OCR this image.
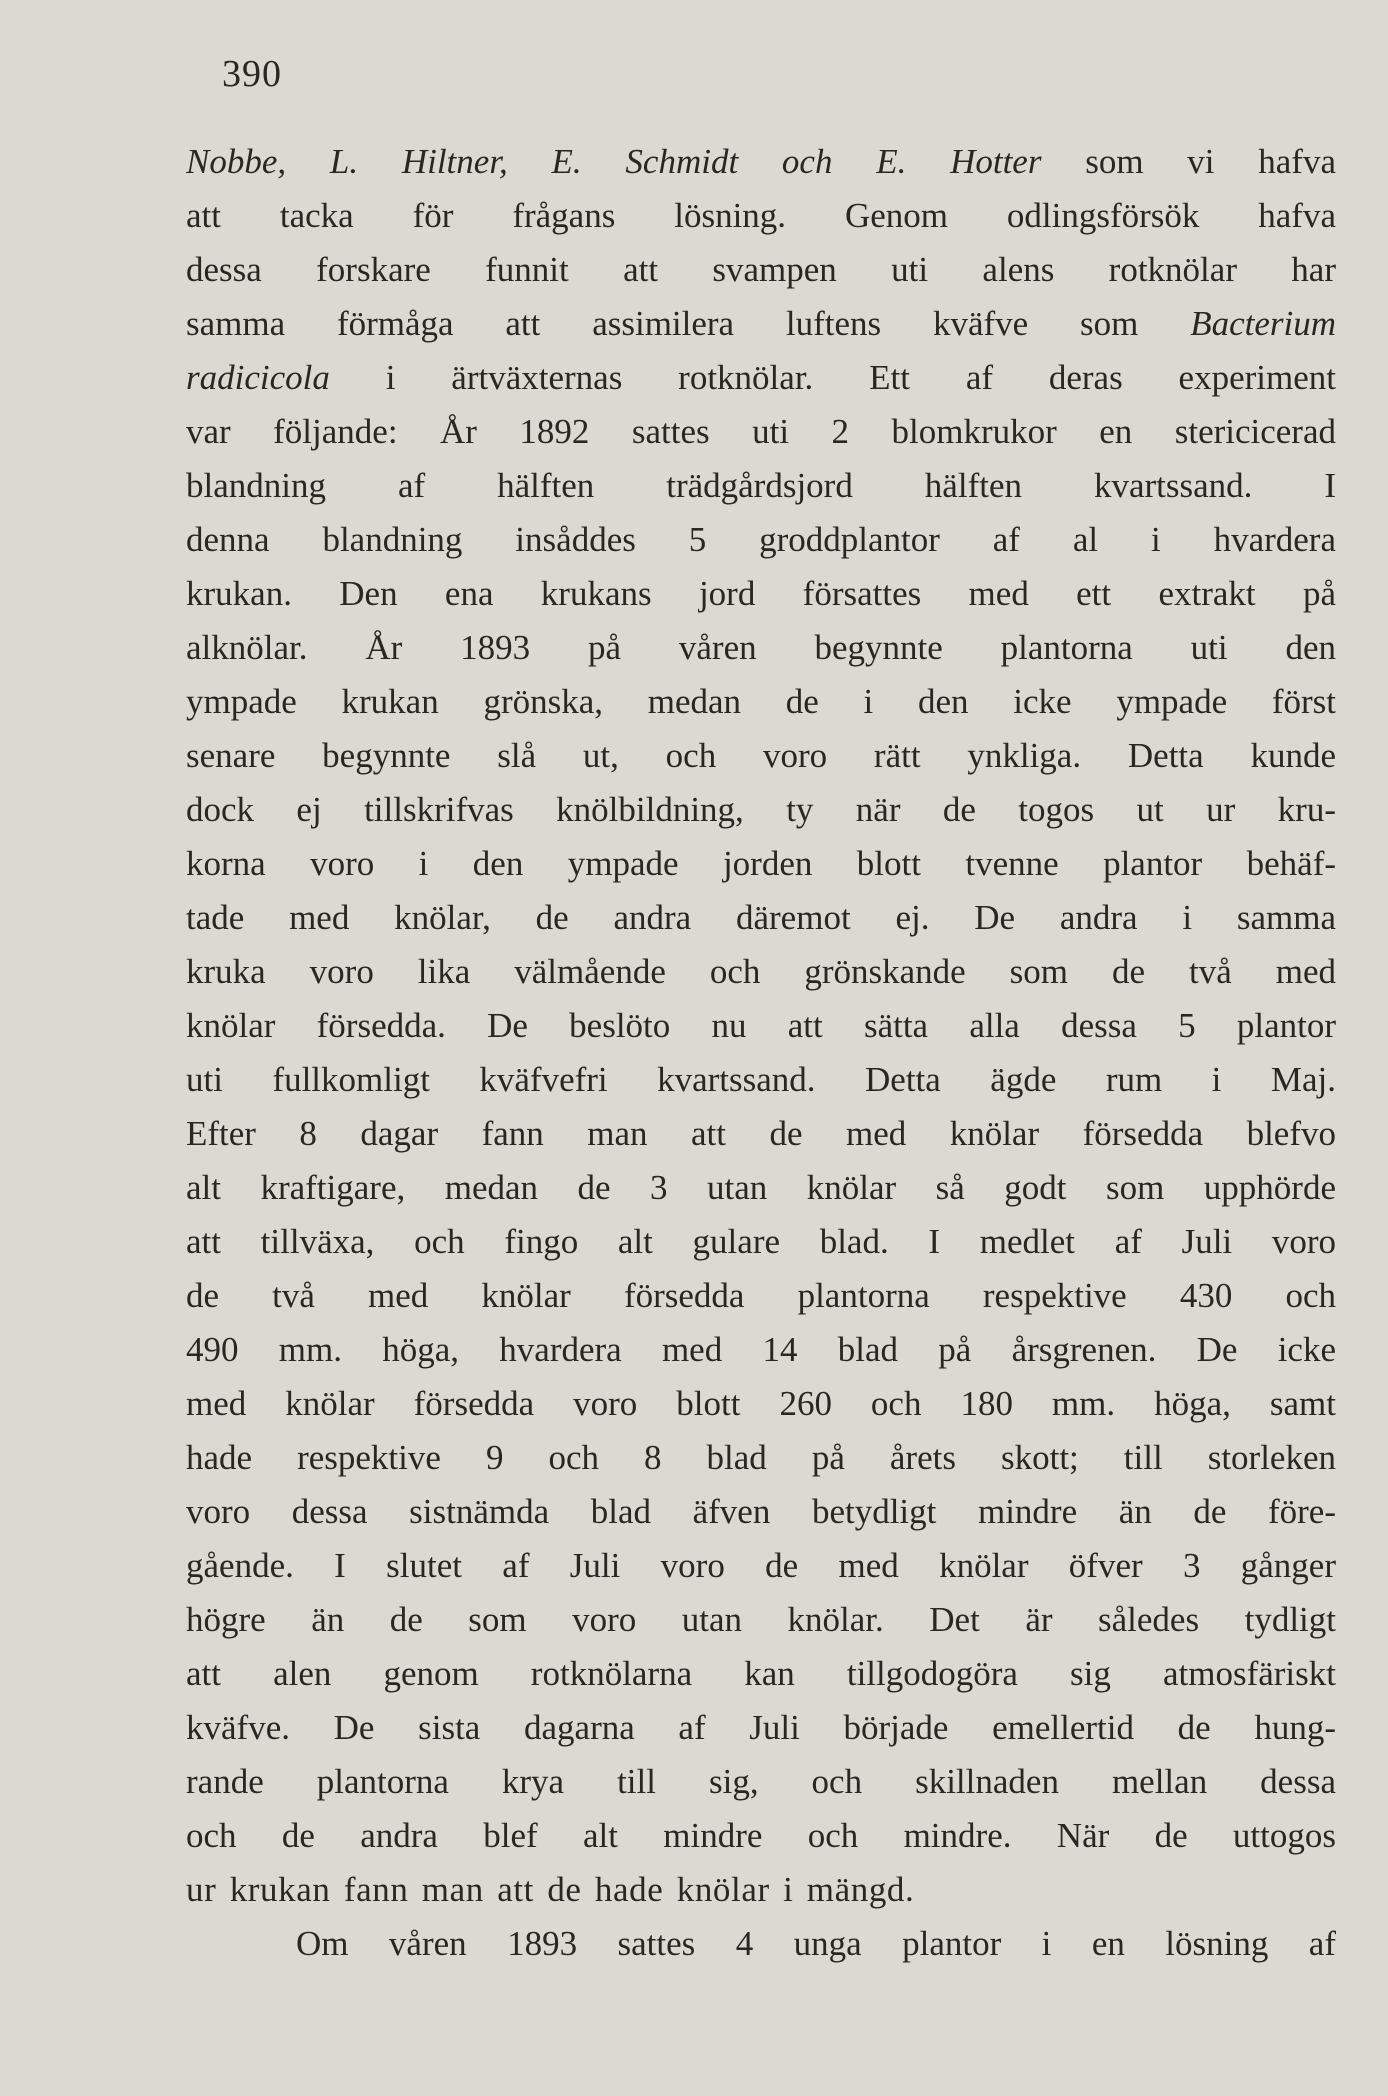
390
Nobbe, L. Hiltner, E. Schmidt och E. Hotter som vi hafva
att tacka för frågans lösning. Genom odlingsförsök hafva
dessa forskare funnit att svampen uti alens rotknölar har
samma förmåga att assimilera luftens kväfve som Bacterium
radicicola i ärtväxternas rotknölar. Ett af deras experiment
var följande: År 1892 sattes uti 2 blomkrukor en stericicerad
blandning af hälften trädgårdsjord hälften kvartssand. I
denna blandning insåddes 5 groddplantor af al i hvardera
krukan. Den ena krukans jord försattes med ett extrakt på
alknölar. År 1893 på våren begynnte plantorna uti den
ympade krukan grönska, medan de i den icke ympade först
senare begynnte slå ut, och voro rätt ynkliga. Detta kunde
dock ej tillskrifvas knölbildning, ty när de togos ut ur kru-
korna voro i den ympade jorden blott tvenne plantor behäf-
tade med knölar, de andra däremot ej. De andra i samma
kruka voro lika välmående och grönskande som de två med
knölar försedda. De beslöto nu att sätta alla dessa 5 plantor
uti fullkomligt kväfvefri kvartssand. Detta ägde rum i Maj.
Efter 8 dagar fann man att de med knölar försedda blefvo
alt kraftigare, medan de 3 utan knölar så godt som upphörde
att tillväxa, och fingo alt gulare blad. I medlet af Juli voro
de två med knölar försedda plantorna respektive 430 och
490 mm. höga, hvardera med 14 blad på årsgrenen. De icke
med knölar försedda voro blott 260 och 180 mm. höga, samt
hade respektive 9 och 8 blad på årets skott; till storleken
voro dessa sistnämda blad äfven betydligt mindre än de före-
gående. I slutet af Juli voro de med knölar öfver 3 gånger
högre än de som voro utan knölar. Det är således tydligt
att alen genom rotknölarna kan tillgodogöra sig atmosfäriskt
kväfve. De sista dagarna af Juli började emellertid de hung-
rande plantorna krya till sig, och skillnaden mellan dessa
och de andra blef alt mindre och mindre. När de uttogos
ur krukan fann man att de hade knölar i mängd.
Om våren 1893 sattes 4 unga plantor i en lösning af
